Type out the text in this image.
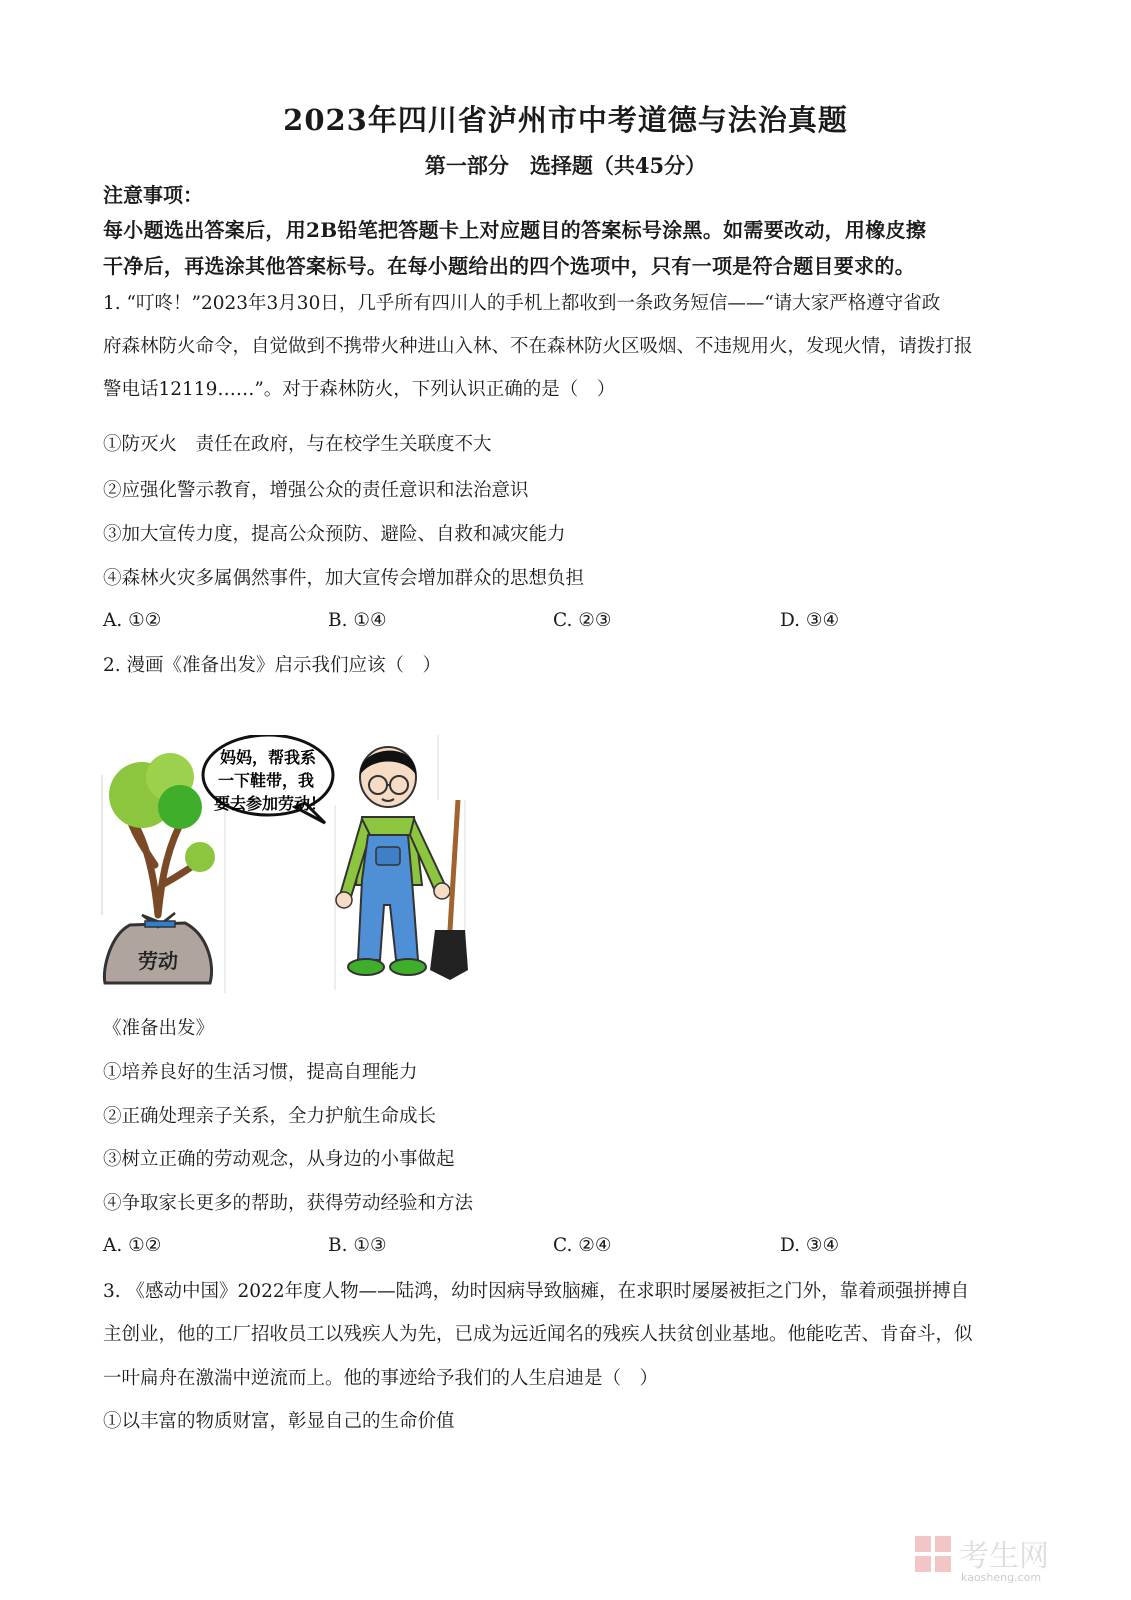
2023年四川省泸州市中考道德与法治真题
第一部分　选择题（共45分）
注意事项：
每小题选出答案后，用2B铅笔把答题卡上对应题目的答案标号涂黑。如需要改动，用橡皮擦
干净后，再选涂其他答案标号。在每小题给出的四个选项中，只有一项是符合题目要求的。
1. “叮咚！”2023年3月30日，几乎所有四川人的手机上都收到一条政务短信——“请大家严格遵守省政
府森林防火命令，自觉做到不携带火种进山入林、不在森林防火区吸烟、不违规用火，发现火情，请拨打报
警电话12119……”。对于森林防火，下列认识正确的是（　）
①防灭火　责任在政府，与在校学生关联度不大
②应强化警示教育，增强公众的责任意识和法治意识
③加大宣传力度，提高公众预防、避险、自救和减灾能力
④森林火灾多属偶然事件，加大宣传会增加群众的思想负担
A. ①②	B. ①④	C. ②③	D. ③④
2. 漫画《准备出发》启示我们应该（　）
劳动
妈妈，帮我系
一下鞋带，我
要去参加劳动！
《准备出发》
①培养良好的生活习惯，提高自理能力
②正确处理亲子关系，全力护航生命成长
③树立正确的劳动观念，从身边的小事做起
④争取家长更多的帮助，获得劳动经验和方法
A. ①②	B. ①③	C. ②④	D. ③④
3. 《感动中国》2022年度人物——陆鸿，幼时因病导致脑瘫，在求职时屡屡被拒之门外，靠着顽强拼搏自
主创业，他的工厂招收员工以残疾人为先，已成为远近闻名的残疾人扶贫创业基地。他能吃苦、肯奋斗，似
一叶扁舟在激湍中逆流而上。他的事迹给予我们的人生启迪是（　）
①以丰富的物质财富，彰显自己的生命价值
考生网
kaosheng.com
